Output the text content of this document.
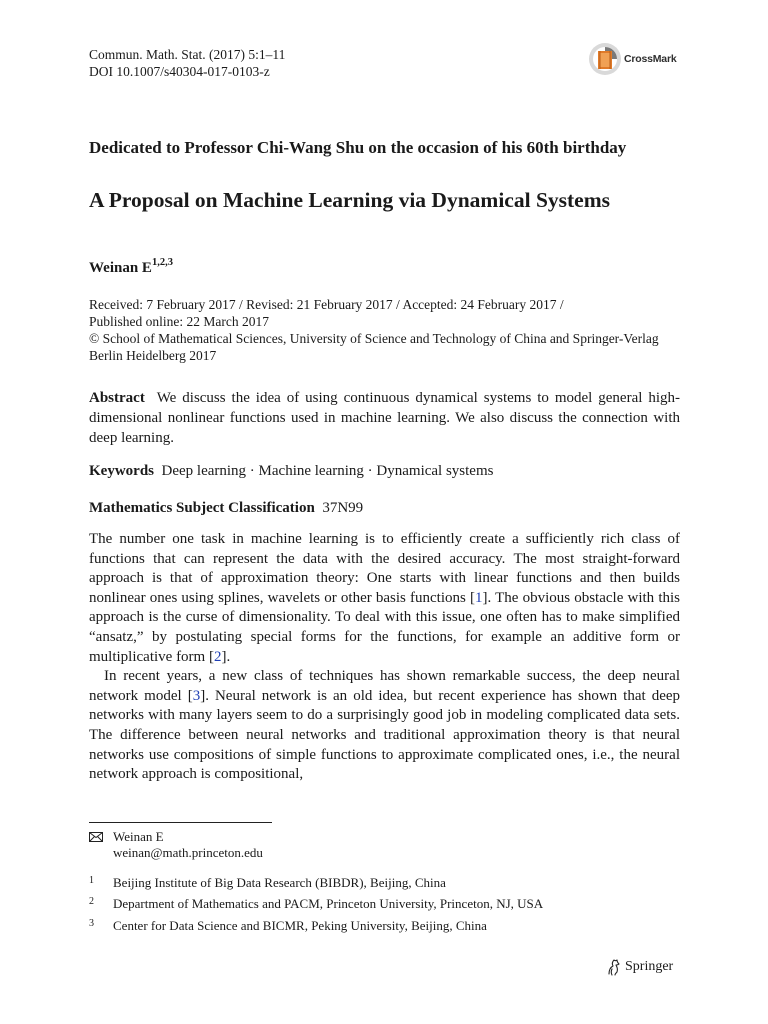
Commun. Math. Stat. (2017) 5:1–11
DOI 10.1007/s40304-017-0103-z
CrossMark
Dedicated to Professor Chi-Wang Shu on the occasion of his 60th birthday
A Proposal on Machine Learning via Dynamical Systems
Weinan E$^{1,2,3}$
Received: 7 February 2017 / Revised: 21 February 2017 / Accepted: 24 February 2017 /
Published online: 22 March 2017
© School of Mathematical Sciences, University of Science and Technology of China and Springer-Verlag
Berlin Heidelberg 2017
Abstract We discuss the idea of using continuous dynamical systems to model general high-dimensional nonlinear functions used in machine learning. We also discuss the connection with deep learning.
Keywords Deep learning · Machine learning · Dynamical systems
Mathematics Subject Classification 37N99

The number one task in machine learning is to efficiently create a sufficiently rich class of functions that can represent the data with the desired accuracy. The most straight-forward approach is that of approximation theory: One starts with linear functions and then builds nonlinear ones using splines, wavelets or other basis functions [1]. The obvious obstacle with this approach is the curse of dimensionality. To deal with this issue, one often has to make simplified “ansatz,” by postulating special forms for the functions, for example an additive form or multiplicative form [2].

In recent years, a new class of techniques has shown remarkable success, the deep neural network model [3]. Neural network is an old idea, but recent experience has shown that deep networks with many layers seem to do a surprisingly good job in modeling complicated data sets. The difference between neural networks and traditional approximation theory is that neural networks use compositions of simple functions to approximate complicated ones, i.e., the neural network approach is compositional,

Weinan E
weinan@math.princeton.edu
1 Beijing Institute of Big Data Research (BIBDR), Beijing, China
2 Department of Mathematics and PACM, Princeton University, Princeton, NJ, USA
3 Center for Data Science and BICMR, Peking University, Beijing, China
Springer
